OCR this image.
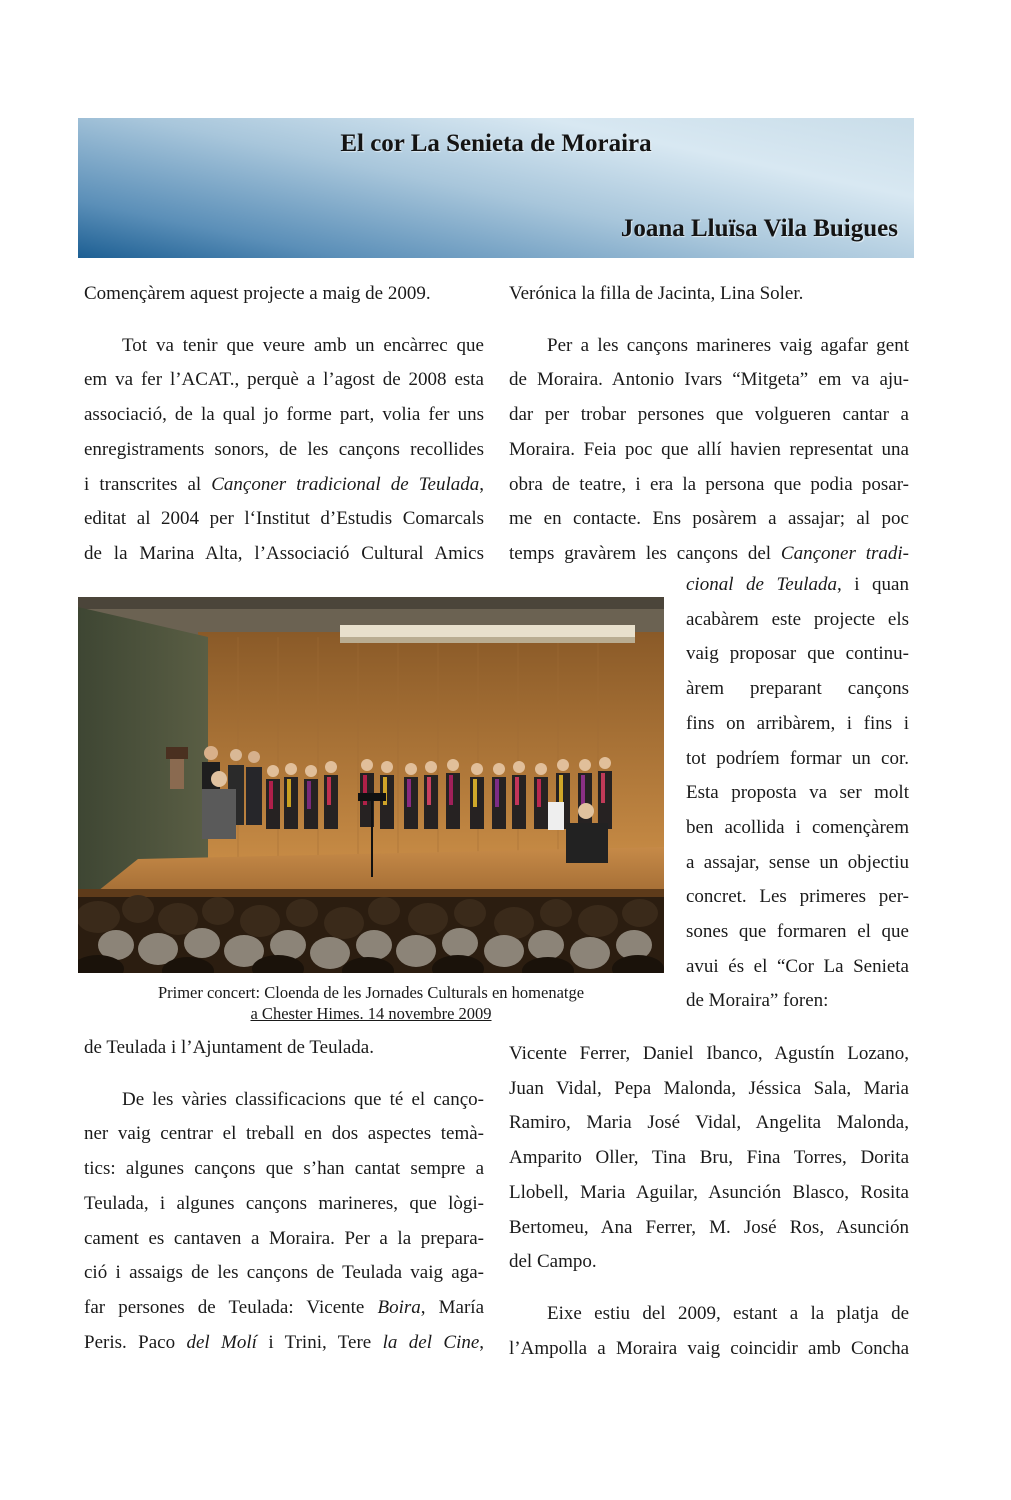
El cor La Senieta de Moraira
Joana Lluïsa Vila Buigues

Començàrem aquest projecte a maig de 2009.

Tot va tenir que veure amb un encàrrec que

em va fer l’ACAT., perquè a l’agost de 2008 esta

associació, de la qual jo forme part, volia fer uns

enregistraments sonors, de les cançons recollides

i transcrites al Cançoner tradicional de Teulada,

editat al 2004 per l‘Institut d’Estudis Comarcals

de la Marina Alta, l’Associació Cultural Amics

Primer concert: Cloenda de les Jornades Culturals en homenatge
a Chester Himes. 14 novembre 2009

de Teulada i l’Ajuntament de Teulada.

De les vàries classificacions que té el canço-

ner vaig centrar el treball en dos aspectes temà-

tics: algunes cançons que s’han cantat sempre a

Teulada, i algunes cançons marineres, que lògi-

cament es cantaven a Moraira. Per a la prepara-

ció i assaigs de les cançons de Teulada vaig aga-

far persones de Teulada: Vicente Boira, María

Peris. Paco del Molí i Trini, Tere la del Cine,

Verónica la filla de Jacinta, Lina Soler.

Per a les cançons marineres vaig agafar gent

de Moraira. Antonio Ivars “Mitgeta” em va aju-

dar per trobar persones que volgueren cantar a

Moraira. Feia poc que allí havien representat una

obra de teatre, i era la persona que podia posar-

me en contacte. Ens posàrem a assajar; al poc

temps gravàrem les cançons del Cançoner tradi-

cional de Teulada, i quan

acabàrem este projecte els

vaig proposar que continu-

àrem preparant cançons

fins on arribàrem, i fins i

tot podríem formar un cor.

Esta proposta va ser molt

ben acollida i començàrem

a assajar, sense un objectiu

concret. Les primeres per-

sones que formaren el que

avui és el “Cor La Senieta

de Moraira” foren:

Vicente Ferrer, Daniel Ibanco, Agustín Lozano,

Juan Vidal, Pepa Malonda, Jéssica Sala, Maria

Ramiro, Maria José Vidal, Angelita Malonda,

Amparito Oller, Tina Bru, Fina Torres, Dorita

Llobell, Maria Aguilar, Asunción Blasco, Rosita

Bertomeu, Ana Ferrer, M. José Ros, Asunción

del Campo.

Eixe estiu del 2009, estant a la platja de

l’Ampolla a Moraira vaig coincidir amb Concha
